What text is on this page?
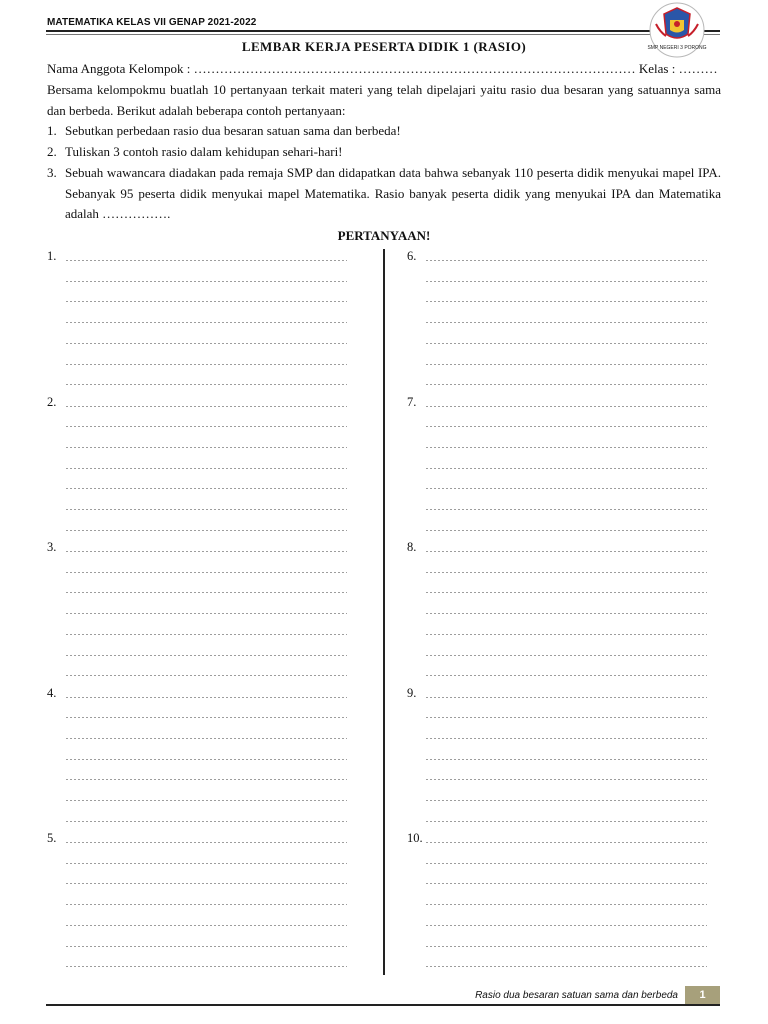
MATEMATIKA KELAS VII GENAP 2021-2022
SMP NEGERI 3 PORONG
LEMBAR KERJA PESERTA DIDIK 1 (RASIO)
Nama Anggota Kelompok : ………………………………………………………………………………………… Kelas : ………
Bersama kelompokmu buatlah 10 pertanyaan terkait materi yang telah dipelajari yaitu rasio dua besaran yang satuannya sama dan berbeda. Berikut adalah beberapa contoh pertanyaan:
1. Sebutkan perbedaan rasio dua besaran satuan sama dan berbeda!
2. Tuliskan 3 contoh rasio dalam kehidupan sehari-hari!
3. Sebuah wawancara diadakan pada remaja SMP dan didapatkan data bahwa sebanyak 110 peserta didik menyukai mapel IPA. Sebanyak 95 peserta didik menyukai mapel Matematika. Rasio banyak peserta didik yang menyukai IPA dan Matematika adalah …………….
PERTANYAAN!
1.
2.
3.
4.
5.
6.
7.
8.
9.
10.
Rasio dua besaran satuan sama dan berbeda	1
